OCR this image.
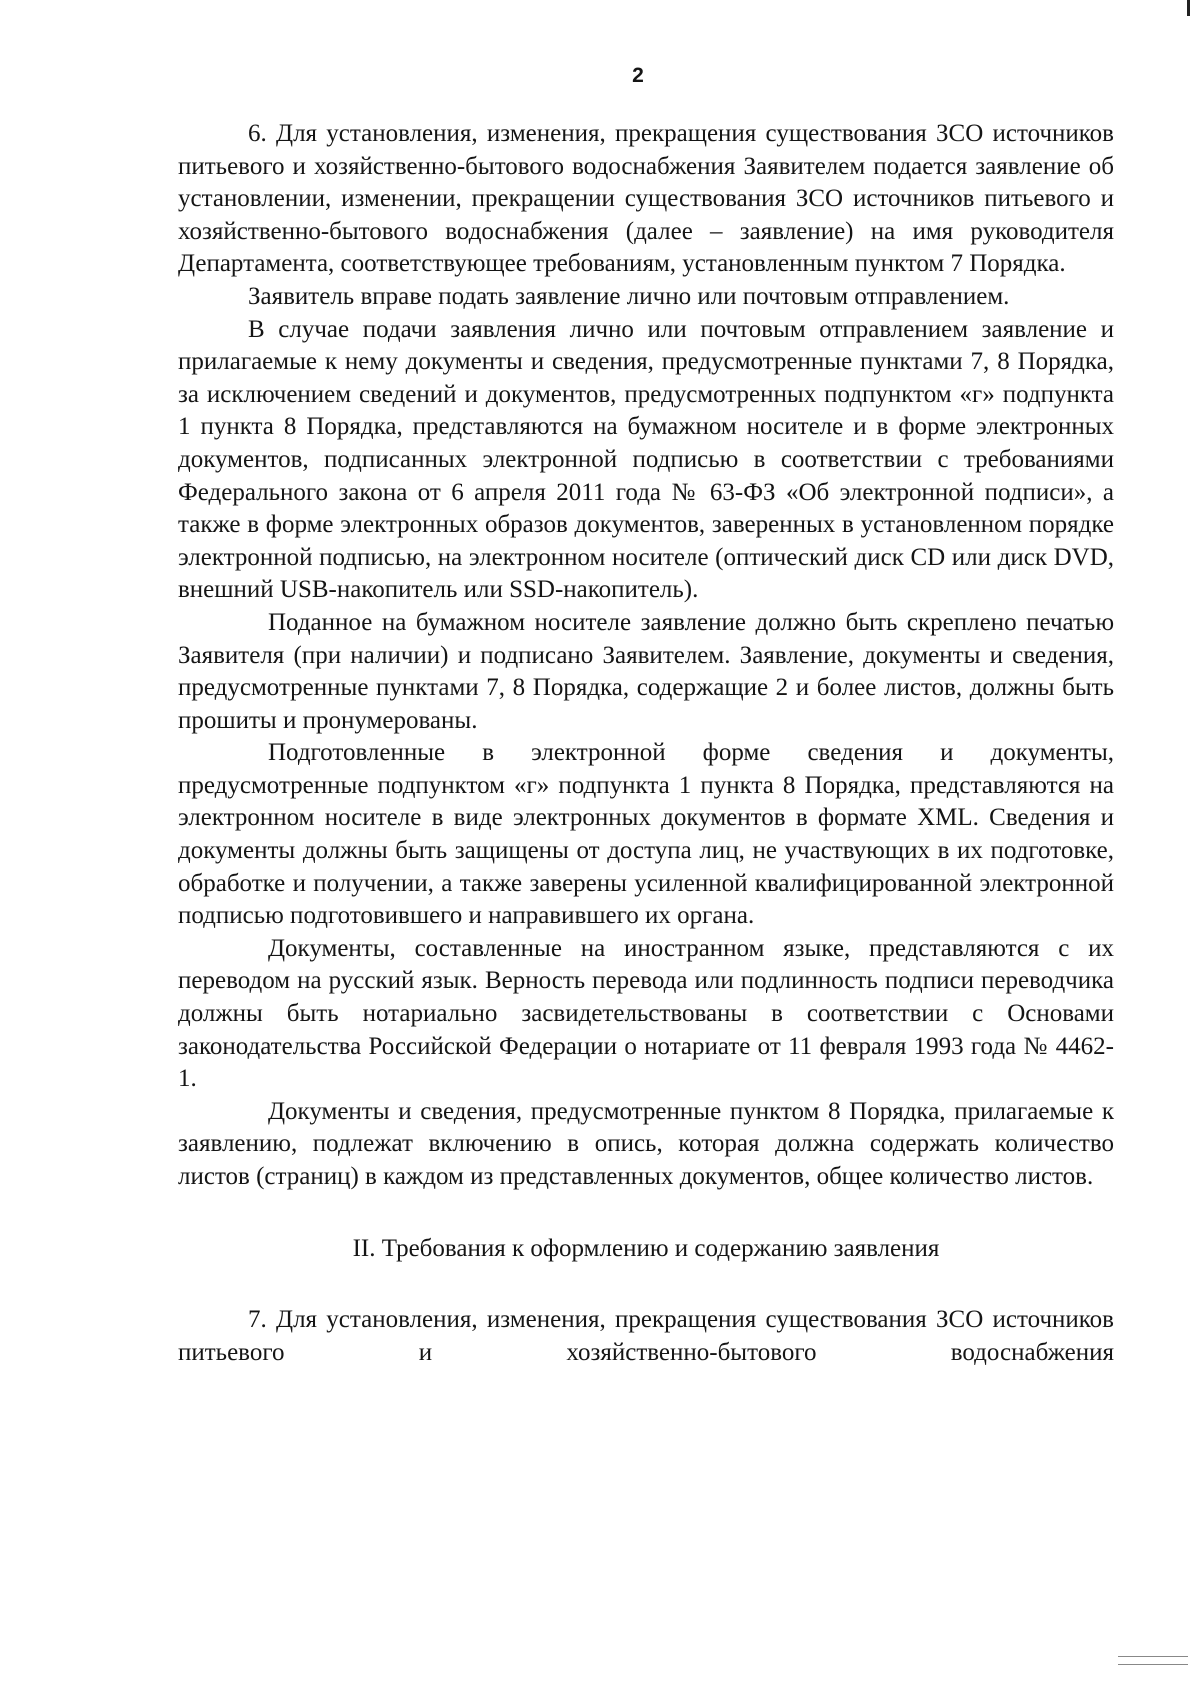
2

6. Для установления, изменения, прекращения существования ЗСО источников питьевого и хозяйственно-бытового водоснабжения Заявителем подается заявление об установлении, изменении, прекращении существования ЗСО источников питьевого и хозяйственно-бытового водоснабжения (далее – заявление) на имя руководителя Департамента, соответствующее требованиям, установленным пунктом 7 Порядка.

Заявитель вправе подать заявление лично или почтовым отправлением.

В случае подачи заявления лично или почтовым отправлением заявление и прилагаемые к нему документы и сведения, предусмотренные пунктами 7, 8 Порядка, за исключением сведений и документов, предусмотренных подпунктом «г» подпункта 1 пункта 8 Порядка, представляются на бумажном носителе и в форме электронных документов, подписанных электронной подписью в соответствии с требованиями Федерального закона от 6 апреля 2011 года № 63-ФЗ «Об электронной подписи», а также в форме электронных образов документов, заверенных в установленном порядке электронной подписью, на электронном носителе (оптический диск CD или диск DVD, внешний USB-накопитель или SSD-накопитель).

Поданное на бумажном носителе заявление должно быть скреплено печатью Заявителя (при наличии) и подписано Заявителем. Заявление, документы и сведения, предусмотренные пунктами 7, 8 Порядка, содержащие 2 и более листов, должны быть прошиты и пронумерованы.

Подготовленные в электронной форме сведения и документы, предусмотренные подпунктом «г» подпункта 1 пункта 8 Порядка, представляются на электронном носителе в виде электронных документов в формате XML. Сведения и документы должны быть защищены от доступа лиц, не участвующих в их подготовке, обработке и получении, а также заверены усиленной квалифицированной электронной подписью подготовившего и направившего их органа.

Документы, составленные на иностранном языке, представляются с их переводом на русский язык. Верность перевода или подлинность подписи переводчика должны быть нотариально засвидетельствованы в соответствии с Основами законодательства Российской Федерации о нотариате от 11 февраля 1993 года № 4462-1.

Документы и сведения, предусмотренные пунктом 8 Порядка, прилагаемые к заявлению, подлежат включению в опись, которая должна содержать количество листов (страниц) в каждом из представленных документов, общее количество листов.

II. Требования к оформлению и содержанию заявления

7. Для установления, изменения, прекращения существования ЗСО источников питьевого и хозяйственно-бытового водоснабжения
